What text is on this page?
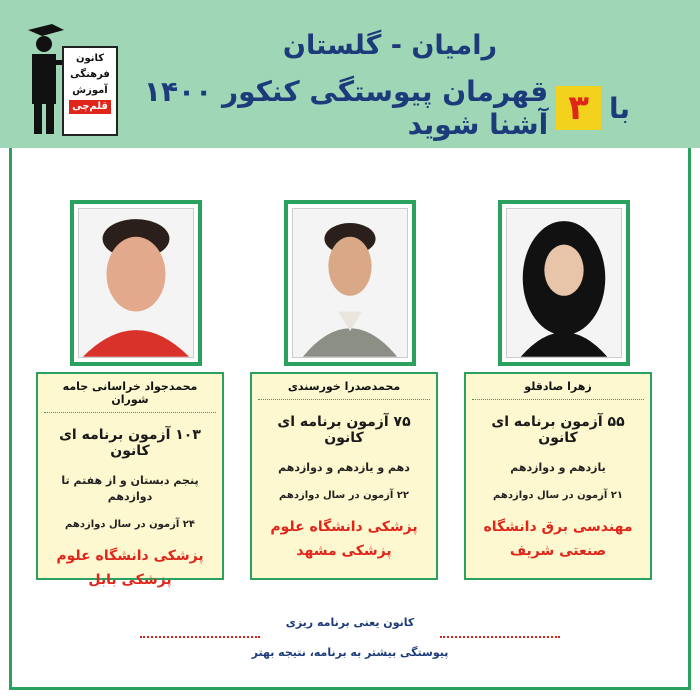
رامیان - گلستان
با
۳
قهرمان پیوستگی کنکور ۱۴۰۰ آشنا شوید
کانون
فرهنگی
آموزش
قلم‌چی
زهرا صادقلو
۵۵ آزمون برنامه ای کانون
یازدهم و دوازدهم
۲۱ آزمون در سال دوازدهم
مهندسی برق دانشگاه صنعتی شریف
محمدصدرا خورسندی
۷۵ آزمون برنامه ای کانون
دهم و یازدهم و دوازدهم
۲۲ آزمون در سال دوازدهم
پزشکی دانشگاه علوم پزشکی مشهد
محمدجواد خراسانی جامه شوران
۱۰۳ آزمون برنامه ای کانون
پنجم دبستان و از هفتم تا دوازدهم
۲۴ آزمون در سال دوازدهم
پزشکی دانشگاه علوم پزشکی بابل
کانون یعنی برنامه ریزی
پیوستگی بیشتر به برنامه، نتیجه بهتر
